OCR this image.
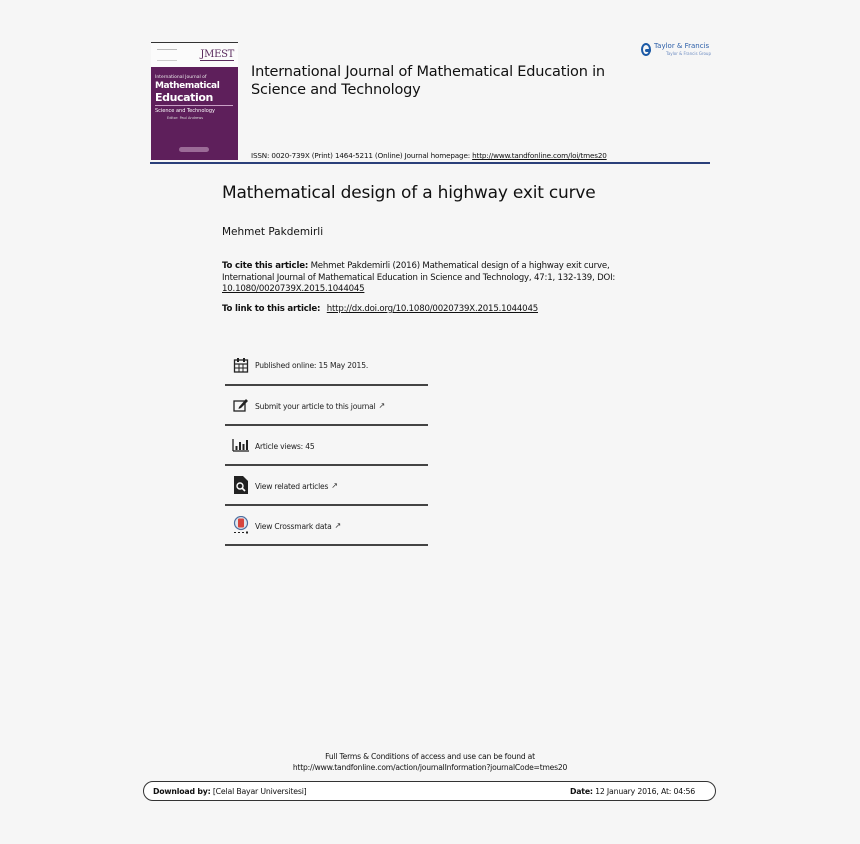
JMEST
International Journal of
Mathematical
Education
Science and Technology
Editor: Paul Andrews
International Journal of Mathematical Education in Science and Technology
Taylor & Francis
Taylor & Francis Group
ISSN: 0020-739X (Print) 1464-5211 (Online) Journal homepage: http://www.tandfonline.com/loi/tmes20
Mathematical design of a highway exit curve
Mehmet Pakdemirli
To cite this article: Mehmet Pakdemirli (2016) Mathematical design of a highway exit curve, International Journal of Mathematical Education in Science and Technology, 47:1, 132-139, DOI: 10.1080/0020739X.2015.1044045
To link to this article: http://dx.doi.org/10.1080/0020739X.2015.1044045
Published online: 15 May 2015.
Submit your article to this journal ↗
Article views: 45
View related articles ↗
View Crossmark data ↗
Full Terms & Conditions of access and use can be found at
http://www.tandfonline.com/action/journalInformation?journalCode=tmes20
Download by: [Celal Bayar Universitesi]	Date: 12 January 2016, At: 04:56
